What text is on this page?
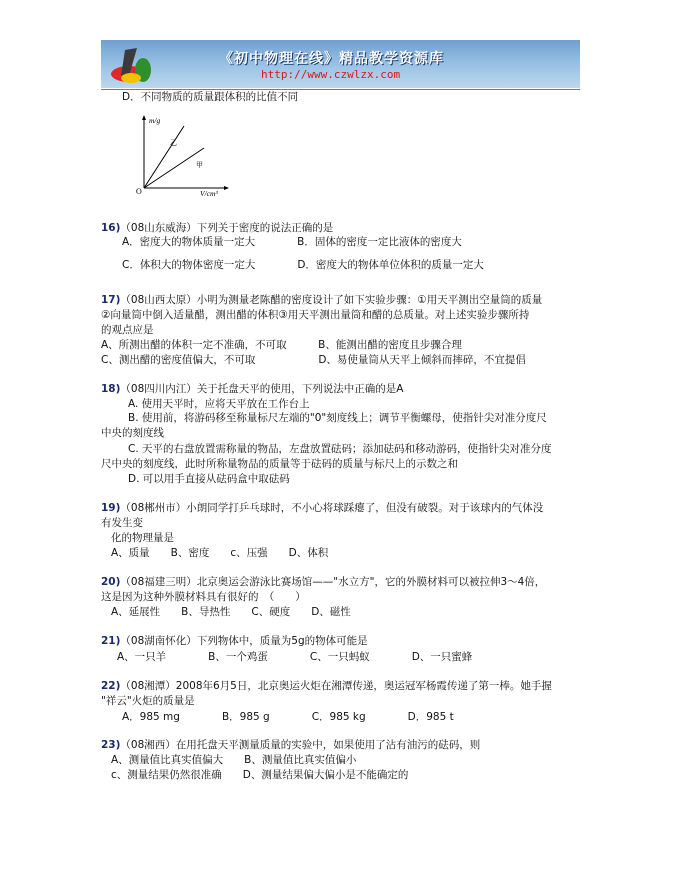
《初中物理在线》精品教学资源库
http://www.czwlzx.com
m/g
V/cm³
O
乙
甲
D．不同物质的质量跟体积的比值不同
16)（08山东威海）下列关于密度的说法正确的是
A．密度大的物体质量一定大　　　　B．固体的密度一定比液体的密度大
C．体积大的物体密度一定大　　　　D．密度大的物体单位体积的质量一定大
17)（08山西太原）小明为测量老陈醋的密度设计了如下实验步骤：①用天平测出空量筒的质量
②向量筒中倒入适量醋，测出醋的体积③用天平测出量筒和醋的总质量。对上述实验步骤所持
的观点应是
A、所测出醋的体积一定不准确，不可取　　　B、能测出醋的密度且步骤合理
C、测出醋的密度值偏大，不可取　　　　　　D、易使量筒从天平上倾斜而摔碎，不宜提倡
18)（08四川内江）关于托盘天平的使用，下列说法中正确的是A
A. 使用天平时，应将天平放在工作台上
B. 使用前，将游码移至称量标尺左端的"0"刻度线上；调节平衡螺母，使指针尖对准分度尺
中央的刻度线
C. 天平的右盘放置需称量的物品，左盘放置砝码；添加砝码和移动游码，使指针尖对准分度
尺中央的刻度线，此时所称量物品的质量等于砝码的质量与标尺上的示数之和
D. 可以用手直接从砝码盒中取砝码
19)（08郴州市）小朗同学打乒乓球时，不小心将球踩瘪了，但没有破裂。对于该球内的气体没
有发生变
化的物理量是
A、质量　　B、密度　　c、压强　　D、体积
20)（08福建三明）北京奥运会游泳比赛场馆——"水立方"，它的外膜材料可以被拉伸3～4倍，
这是因为这种外膜材料具有很好的　（　　）
A、延展性　　B、导热性　　C、硬度　　D、磁性
21)（08湖南怀化）下列物体中，质量为5g的物体可能是
A、一只羊　　　　B、一个鸡蛋　　　　C、一只蚂蚁　　　　D、一只蜜蜂
22)（08湘潭）2008年6月5日，北京奥运火炬在湘潭传递，奥运冠军杨霞传递了第一棒。她手握
"祥云"火炬的质量是
A．985 mg　　　　B．985 g　　　　C．985 kg　　　　D．985 t
23)（08湘西）在用托盘天平测量质量的实验中，如果使用了沾有油污的砝码，则
A、测量值比真实值偏大　　B、测量值比真实值偏小
c、测量结果仍然很准确　　D、测量结果偏大偏小是不能确定的
